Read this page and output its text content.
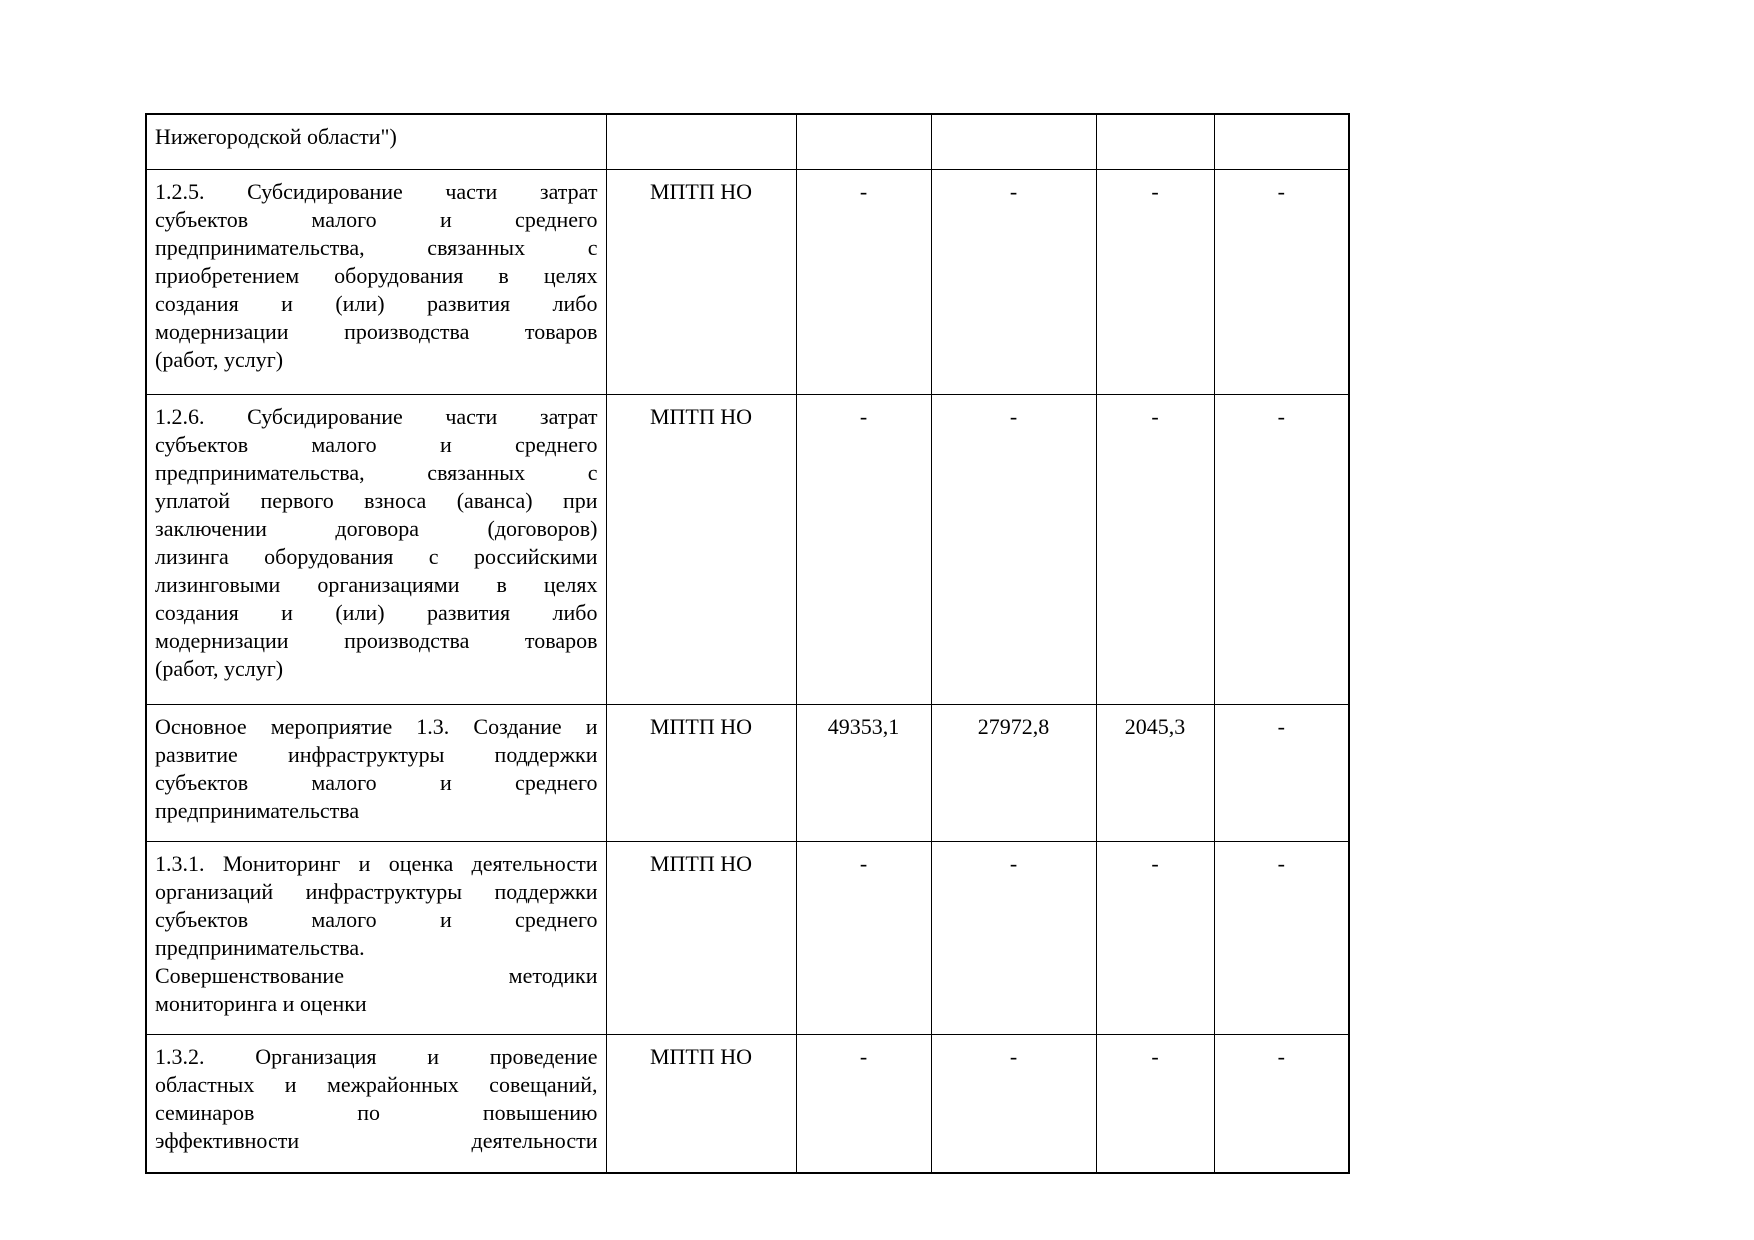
Нижегородской области")					

1.2.5. Субсидирование части затрат
субъектов малого и среднего
предпринимательства, связанных с
приобретением оборудования в целях
создания и (или) развития либо
модернизации производства товаров
(работ, услуг)
	МПТП НО	-	-	-	-

1.2.6. Субсидирование части затрат
субъектов малого и среднего
предпринимательства, связанных с
уплатой первого взноса (аванса) при
заключении договора (договоров)
лизинга оборудования с российскими
лизинговыми организациями в целях
создания и (или) развития либо
модернизации производства товаров
(работ, услуг)
	МПТП НО	-	-	-	-

Основное мероприятие 1.3. Создание и
развитие инфраструктуры поддержки
субъектов малого и среднего
предпринимательства	МПТП НО	49353,1	27972,8	2045,3	-

1.3.1. Мониторинг и оценка деятельности
организаций инфраструктуры поддержки
субъектов малого и среднего
предпринимательства.
Совершенствование методики
мониторинга и оценки
	МПТП НО	-	-	-	-

1.3.2. Организация и проведение
областных и межрайонных совещаний,
семинаров по повышению
эффективности деятельности	МПТП НО	-	-	-	-
